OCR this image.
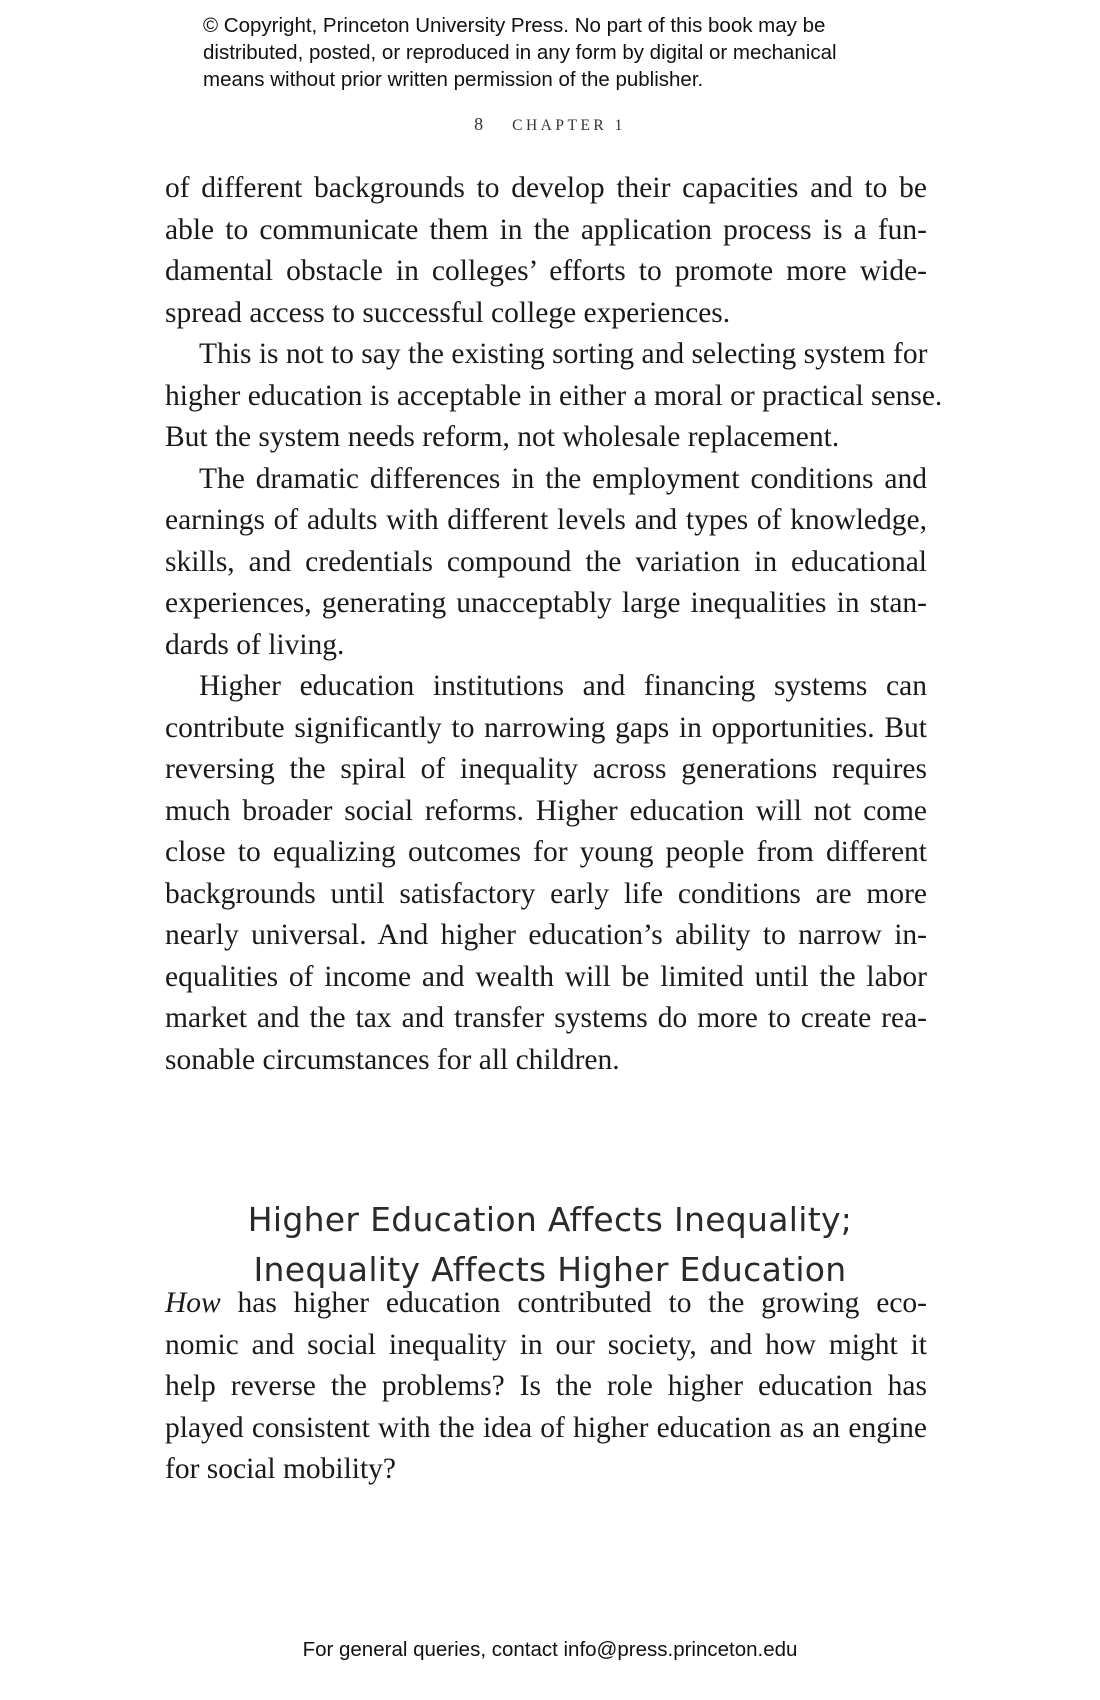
© Copyright, Princeton University Press. No part of this book may be
distributed, posted, or reproduced in any form by digital or mechanical
means without prior written permission of the publisher.
8 CHAPTER 1
of different backgrounds to develop their capacities and to be
able to communicate them in the application process is a fun-
damental obstacle in colleges’ efforts to promote more wide-
spread access to successful college experiences.
This is not to say the existing sorting and selecting system for
higher education is acceptable in either a moral or practical sense.
But the system needs reform, not wholesale replacement.
The dramatic differences in the employment conditions and
earnings of adults with different levels and types of knowledge,
skills, and credentials compound the variation in educational
experiences, generating unacceptably large inequalities in stan-
dards of living.
Higher education institutions and financing systems can
contribute significantly to narrowing gaps in opportunities. But
reversing the spiral of inequality across generations requires
much broader social reforms. Higher education will not come
close to equalizing outcomes for young people from different
backgrounds until satisfactory early life conditions are more
nearly universal. And higher education’s ability to narrow in-
equalities of income and wealth will be limited until the labor
market and the tax and transfer systems do more to create rea-
sonable circumstances for all children.
Higher Education Affects Inequality;
Inequality Affects Higher Education
How has higher education contributed to the growing eco-
nomic and social inequality in our society, and how might it
help reverse the problems? Is the role higher education has
played consistent with the idea of higher education as an engine
for social mobility?
For general queries, contact info@press.princeton.edu
